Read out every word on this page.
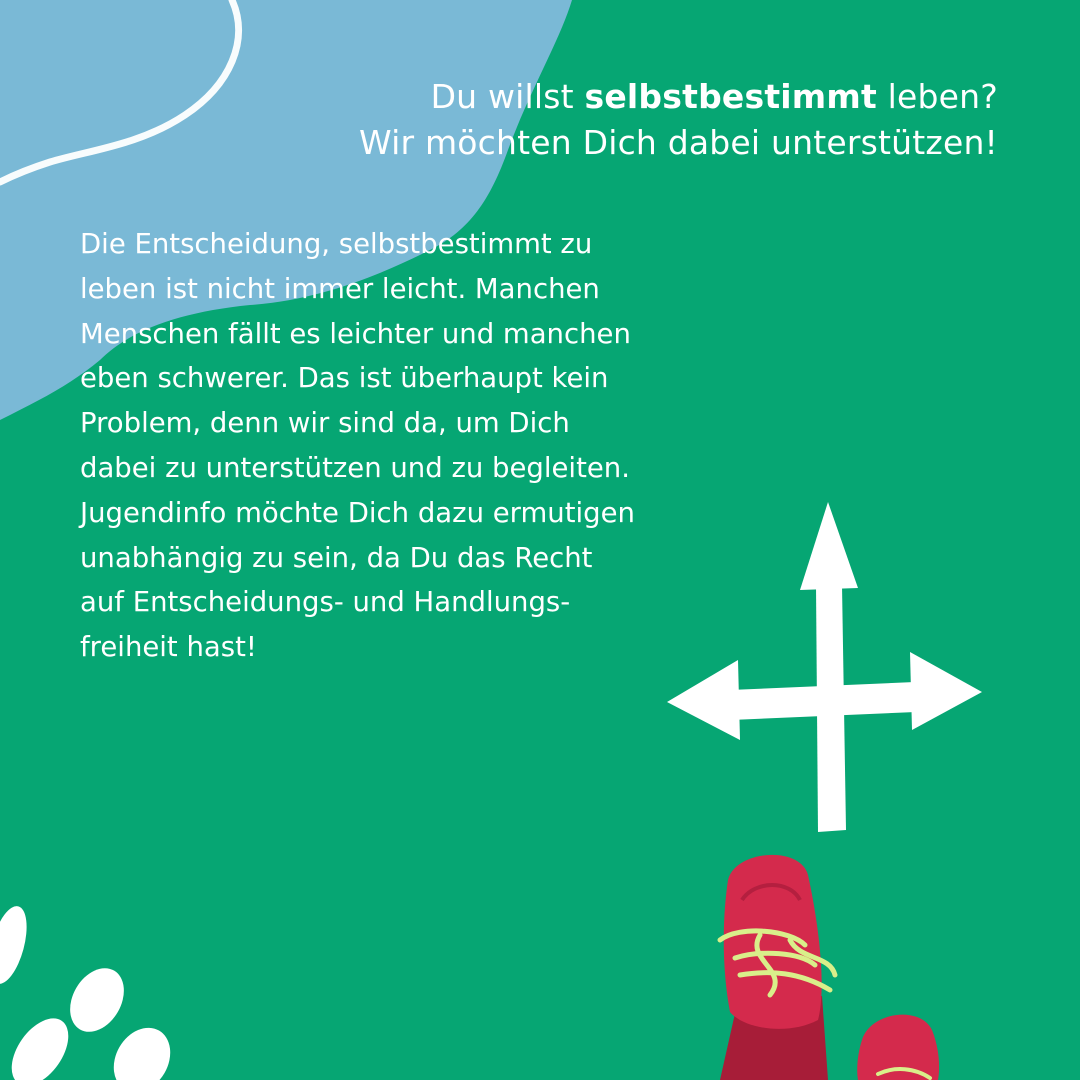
Du willst selbstbestimmt leben?
Wir möchten Dich dabei unterstützen!
Die Entscheidung, selbstbestimmt zu
leben ist nicht immer leicht. Manchen
Menschen fällt es leichter und manchen
eben schwerer. Das ist überhaupt kein
Problem, denn wir sind da, um Dich
dabei zu unterstützen und zu begleiten.
Jugendinfo möchte Dich dazu ermutigen
unabhängig zu sein, da Du das Recht
auf Entscheidungs- und Handlungs-
freiheit hast!
